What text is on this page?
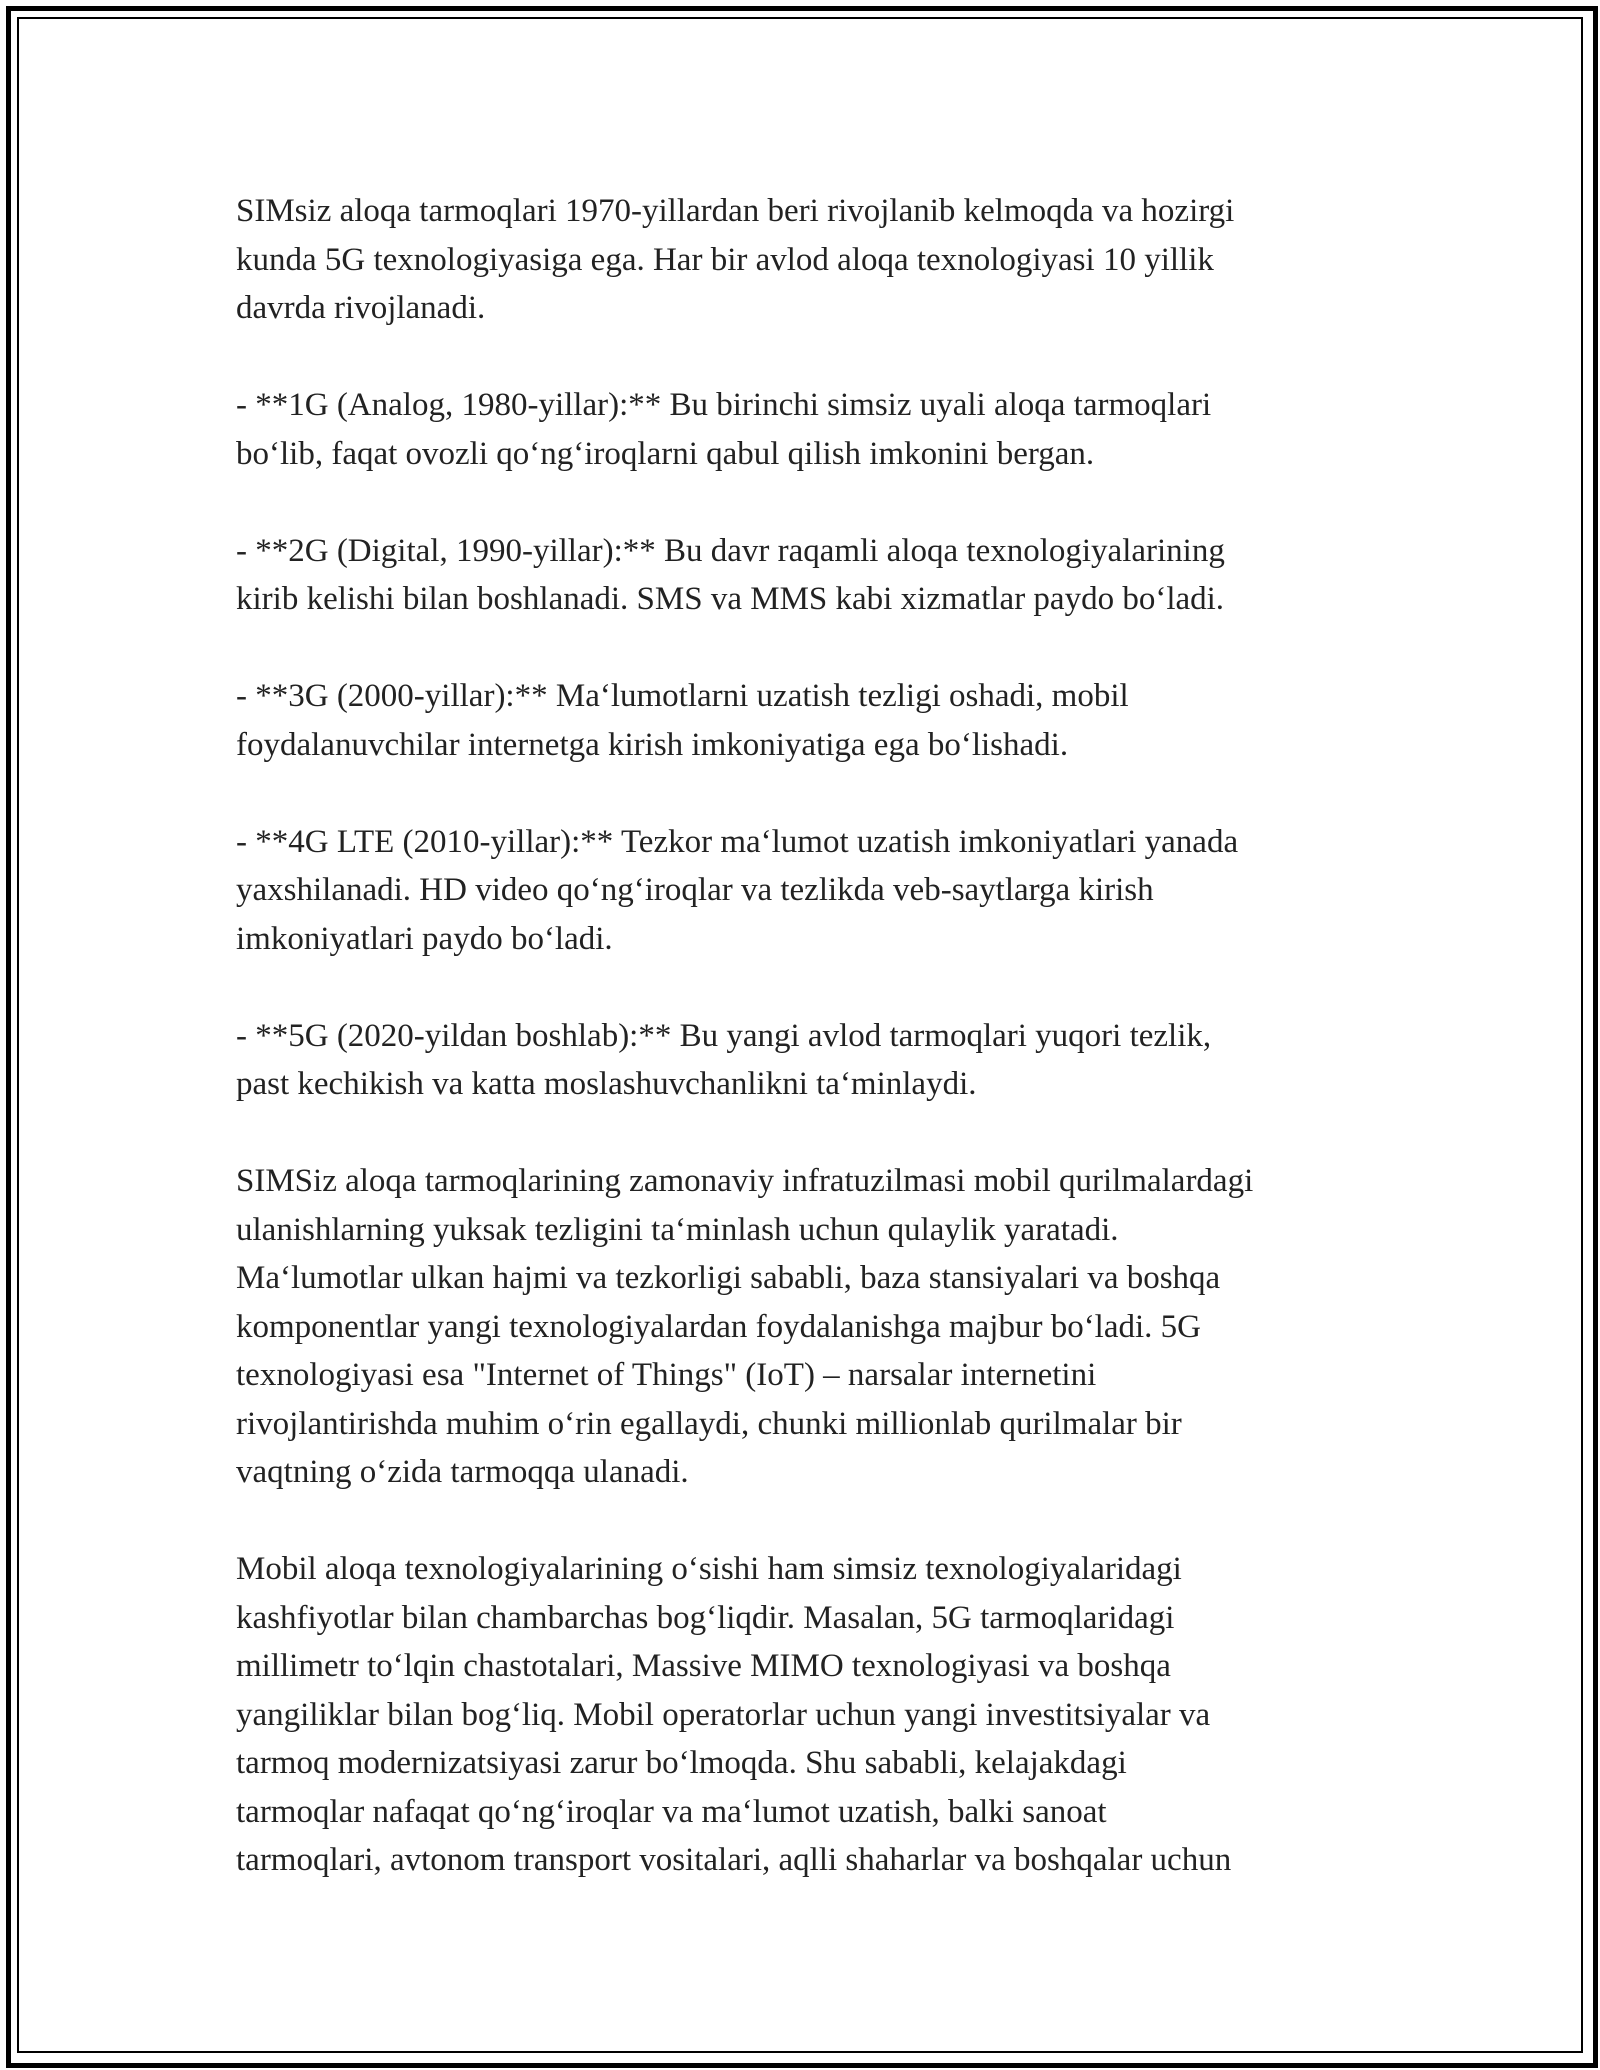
SIMsiz aloqa tarmoqlari 1970-yillardan beri rivojlanib kelmoqda va hozirgi
kunda 5G texnologiyasiga ega. Har bir avlod aloqa texnologiyasi 10 yillik
davrda rivojlanadi.
- **1G (Analog, 1980-yillar):** Bu birinchi simsiz uyali aloqa tarmoqlari
bo‘lib, faqat ovozli qo‘ng‘iroqlarni qabul qilish imkonini bergan.
- **2G (Digital, 1990-yillar):** Bu davr raqamli aloqa texnologiyalarining
kirib kelishi bilan boshlanadi. SMS va MMS kabi xizmatlar paydo bo‘ladi.
- **3G (2000-yillar):** Ma‘lumotlarni uzatish tezligi oshadi, mobil
foydalanuvchilar internetga kirish imkoniyatiga ega bo‘lishadi.
- **4G LTE (2010-yillar):** Tezkor ma‘lumot uzatish imkoniyatlari yanada
yaxshilanadi. HD video qo‘ng‘iroqlar va tezlikda veb-saytlarga kirish
imkoniyatlari paydo bo‘ladi.
- **5G (2020-yildan boshlab):** Bu yangi avlod tarmoqlari yuqori tezlik,
past kechikish va katta moslashuvchanlikni ta‘minlaydi.
SIMSiz aloqa tarmoqlarining zamonaviy infratuzilmasi mobil qurilmalardagi
ulanishlarning yuksak tezligini ta‘minlash uchun qulaylik yaratadi.
Ma‘lumotlar ulkan hajmi va tezkorligi sababli, baza stansiyalari va boshqa
komponentlar yangi texnologiyalardan foydalanishga majbur bo‘ladi. 5G
texnologiyasi esa "Internet of Things" (IoT) – narsalar internetini
rivojlantirishda muhim o‘rin egallaydi, chunki millionlab qurilmalar bir
vaqtning o‘zida tarmoqqa ulanadi.
Mobil aloqa texnologiyalarining o‘sishi ham simsiz texnologiyalaridagi
kashfiyotlar bilan chambarchas bog‘liqdir. Masalan, 5G tarmoqlaridagi
millimetr to‘lqin chastotalari, Massive MIMO texnologiyasi va boshqa
yangiliklar bilan bog‘liq. Mobil operatorlar uchun yangi investitsiyalar va
tarmoq modernizatsiyasi zarur bo‘lmoqda. Shu sababli, kelajakdagi
tarmoqlar nafaqat qo‘ng‘iroqlar va ma‘lumot uzatish, balki sanoat
tarmoqlari, avtonom transport vositalari, aqlli shaharlar va boshqalar uchun
